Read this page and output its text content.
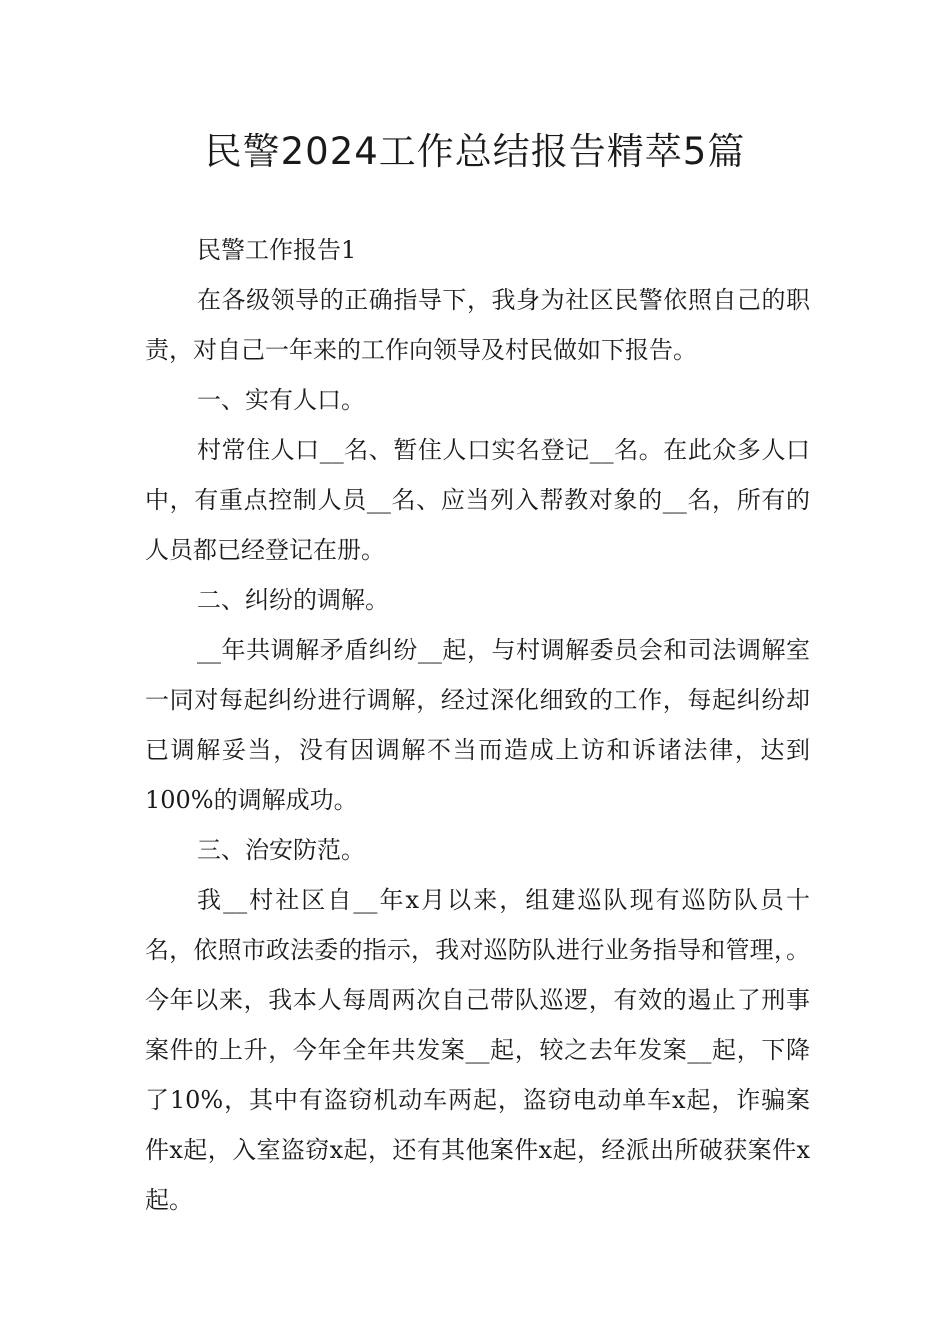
民警2024工作总结报告精萃5篇

民警工作报告1

在各级领导的正确指导下，我身为社区民警依照自己的职责，对自己一年来的工作向领导及村民做如下报告。

一、实有人口。

村常住人口__名、暂住人口实名登记__名。在此众多人口中，有重点控制人员__名、应当列入帮教对象的__名，所有的人员都已经登记在册。

二、纠纷的调解。

__年共调解矛盾纠纷__起，与村调解委员会和司法调解室一同对每起纠纷进行调解，经过深化细致的工作，每起纠纷却已调解妥当，没有因调解不当而造成上访和诉诸法律，达到100%的调解成功。

三、治安防范。

我__村社区自__年x月以来，组建巡队现有巡防队员十名，依照市政法委的指示，我对巡防队进行业务指导和管理，。今年以来，我本人每周两次自己带队巡逻，有效的遏止了刑事案件的上升，今年全年共发案__起，较之去年发案__起，下降了10%，其中有盗窃机动车两起，盗窃电动单车x起，诈骗案件x起，入室盗窃x起，还有其他案件x起，经派出所破获案件x起。
